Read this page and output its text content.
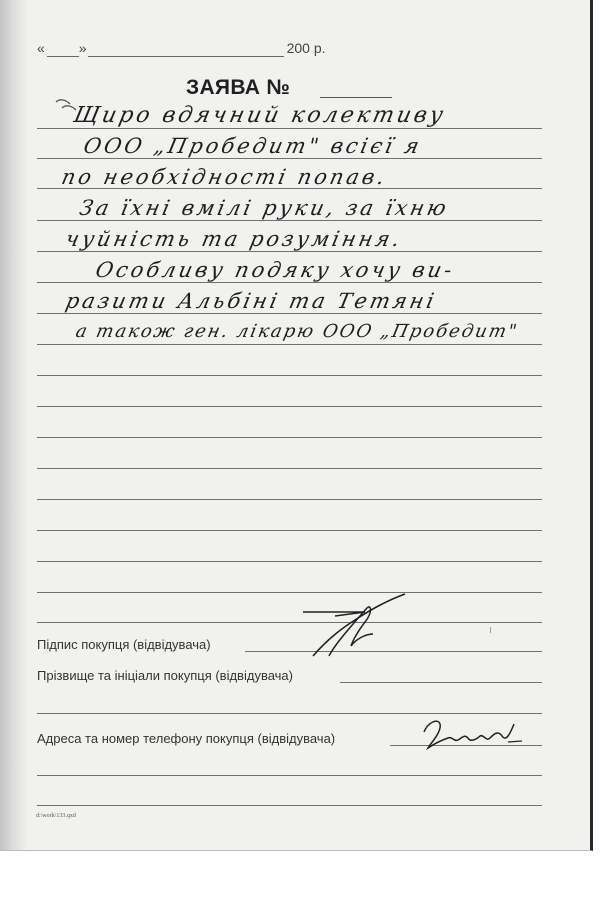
« »	200 р.
ЗАЯВА №
Щиро вдячний колективу
ООО „Пробедит" всієї я
по необхідності попав.
За їхні вмілі руки, за їхню
чуйність та розуміння.
Особливу подяку хочу ви-
разити Альбіні та Тетяні
а також ген. лікарю ООО „Пробедит"
Підпис покупця (відвідувача)
Прізвище та ініціали покупця (відвідувача)
Адреса та номер телефону покупця (відвідувача)
d:\work\133.qxd
